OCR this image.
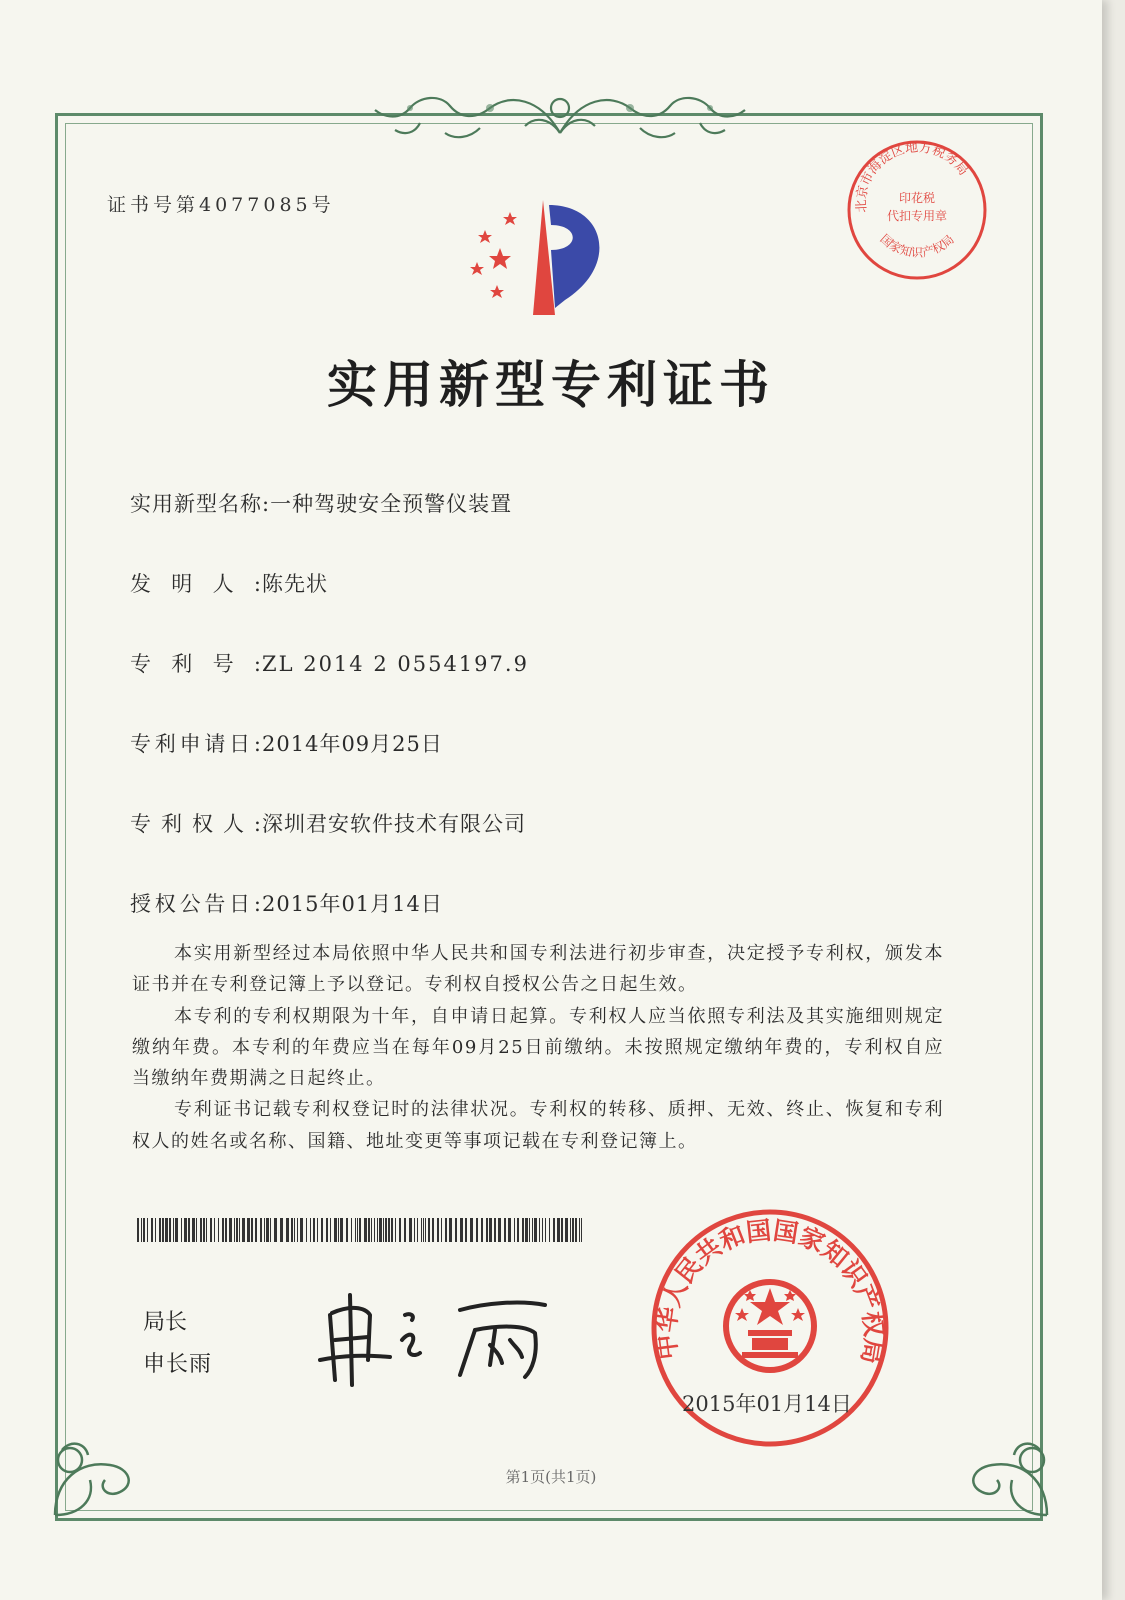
证书号第4077085号	北京市海淀区地方税务局
印花税
代扣专用章
国家知识产权局
实用新型专利证书
实用新型名称:一种驾驶安全预警仪装置
发明人:陈先状
专利号:ZL 2014 2 0554197.9
专利申请日:2014年09月25日
专利权人:深圳君安软件技术有限公司
授权公告日:2015年01月14日

本实用新型经过本局依照中华人民共和国专利法进行初步审查，决定授予专利权，颁发本证书并在专利登记簿上予以登记。专利权自授权公告之日起生效。

本专利的专利权期限为十年，自申请日起算。专利权人应当依照专利法及其实施细则规定缴纳年费。本专利的年费应当在每年09月25日前缴纳。未按照规定缴纳年费的，专利权自应当缴纳年费期满之日起终止。

专利证书记载专利权登记时的法律状况。专利权的转移、质押、无效、终止、恢复和专利权人的姓名或名称、国籍、地址变更等事项记载在专利登记簿上。

局长
申长雨
中华人民共和国国家知识产权局
2015年01月14日
第1页(共1页)
